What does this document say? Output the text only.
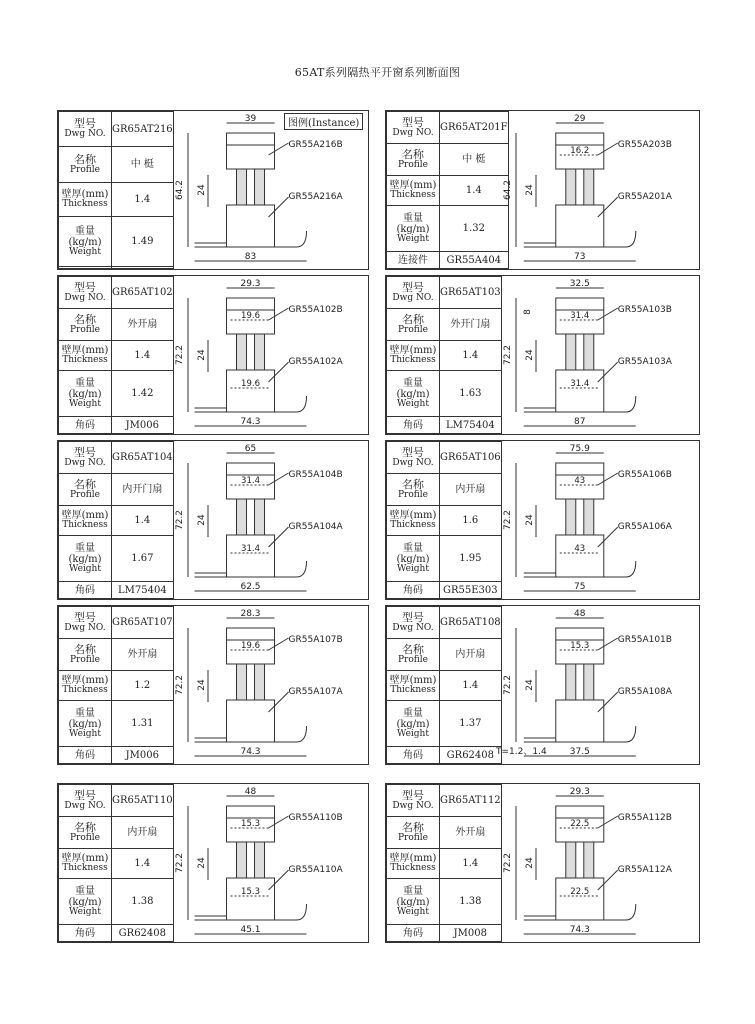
65AT系列隔热平开窗系列断面图
型号
Dwg NO.	GR65AT216

名称
Profile	中 梃

壁厚(mm)
Thickness	1.4

重量(kg/m)
Weight	1.49

39
83
64.2 24
GR55A216B
GR55A216A
图例(Instance)	型号
Dwg NO.	GR65AT201F

名称
Profile	中 梃

壁厚(mm)
Thickness	1.4

重量(kg/m)
Weight	1.32

连接件	GR55A404
29
73
64.2 24
16.2
GR55A203B
GR55A201A
型号
Dwg NO.	GR65AT102

名称
Profile	外开扇

壁厚(mm)
Thickness	1.4

重量(kg/m)
Weight	1.42

角码	JM006
29.3
74.3
72.2 24
19.6
19.6
GR55A102B
GR55A102A
型号
Dwg NO.	GR65AT103

名称
Profile	外开门扇

壁厚(mm)
Thickness	1.4

重量(kg/m)
Weight	1.63

角码	LM75404
32.5
87
72.2 24
31.4
31.4
GR55A103B
GR55A103A
8
型号
Dwg NO.	GR65AT104

名称
Profile	内开门扇

壁厚(mm)
Thickness	1.4

重量(kg/m)
Weight	1.67

角码	LM75404
65
62.5
72.2 24
31.4
31.4
GR55A104B
GR55A104A
型号
Dwg NO.	GR65AT106

名称
Profile	内开扇

壁厚(mm)
Thickness	1.6

重量(kg/m)
Weight	1.95

角码	GR55E303
75.9
75
72.2 24
43
43
GR55A106B
GR55A106A
型号
Dwg NO.	GR65AT107

名称
Profile	外开扇

壁厚(mm)
Thickness	1.2

重量(kg/m)
Weight	1.31

角码	JM006
28.3
74.3
72.2 24
19.6
GR55A107B
GR55A107A
型号
Dwg NO.	GR65AT108

名称
Profile	内开扇

壁厚(mm)
Thickness	1.4

重量(kg/m)
Weight	1.37

角码	GR62408
48
37.5
72.2 24
15.3
GR55A101B
GR55A108A
T=1.2、1.4
型号
Dwg NO.	GR65AT110

名称
Profile	内开扇

壁厚(mm)
Thickness	1.4

重量(kg/m)
Weight	1.38

角码	GR62408
48
45.1
72.2 24
15.3
15.3
GR55A110B
GR55A110A
型号
Dwg NO.	GR65AT112

名称
Profile	外开扇

壁厚(mm)
Thickness	1.4

重量(kg/m)
Weight	1.38

角码	JM008
29.3
74.3
72.2 24
22.5
22.5
GR55A112B
GR55A112A
